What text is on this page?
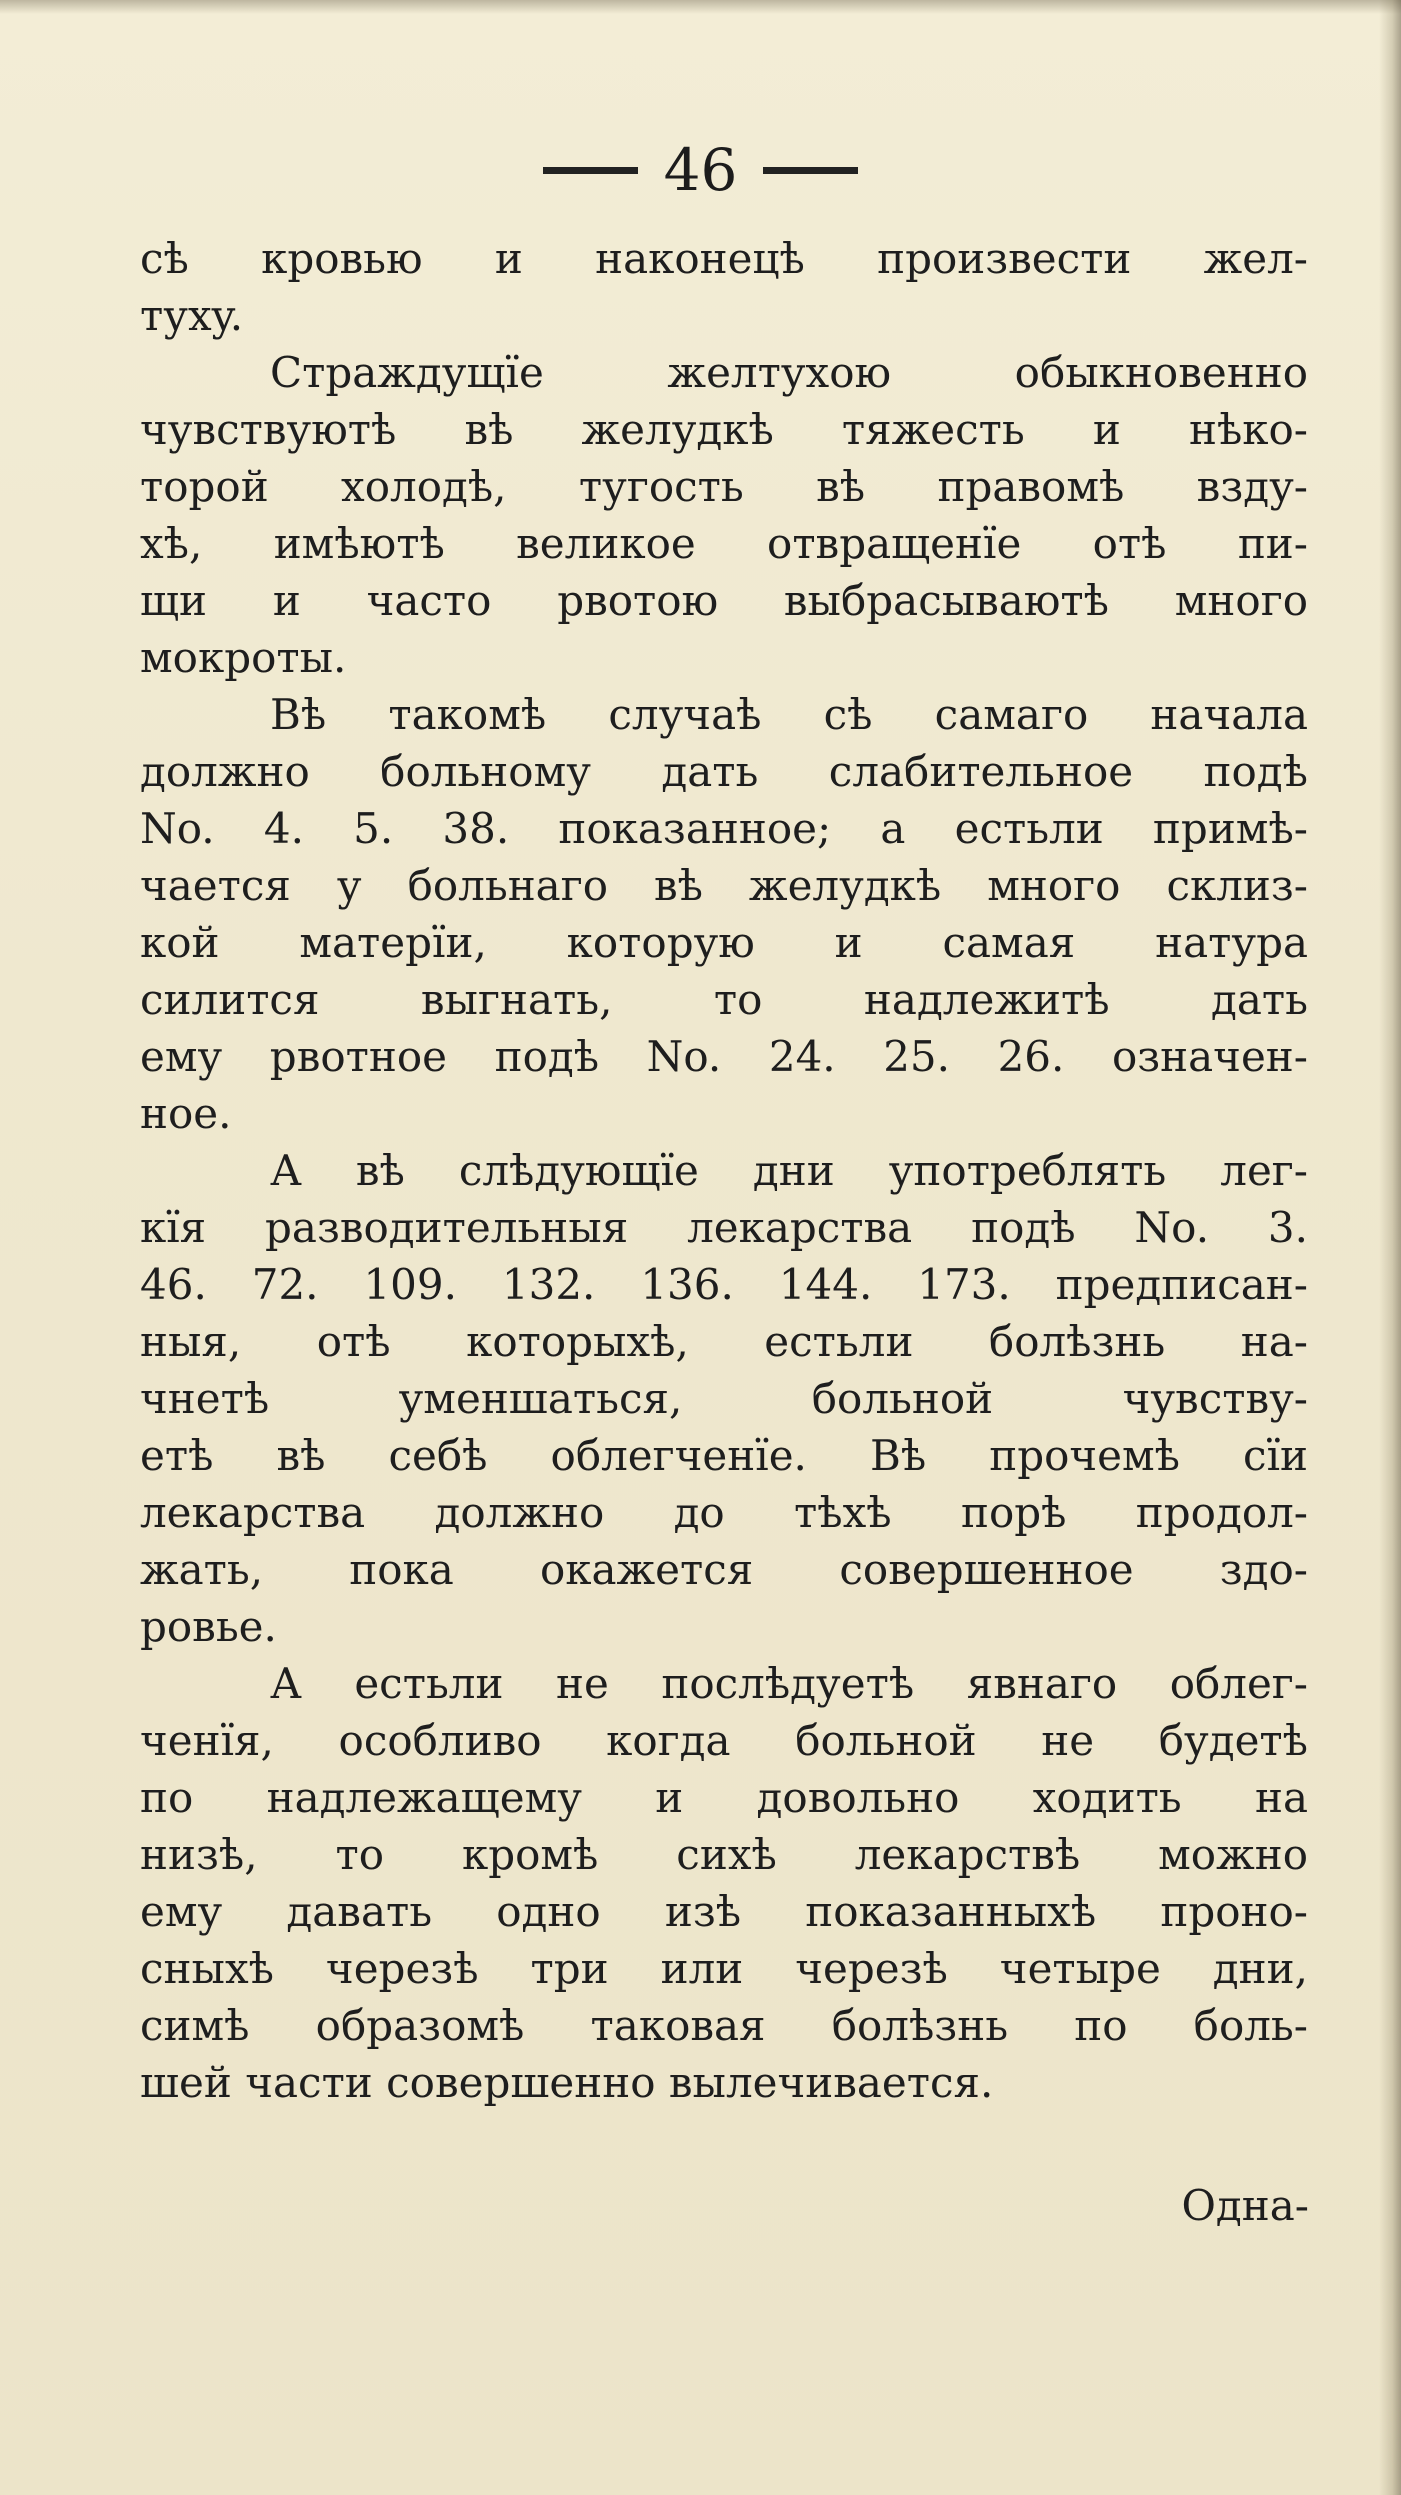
46
сѣ кровью и наконецѣ произвести жел-
тухy.
Страждущїе желтухою обыкновенно
чувствуютѣ вѣ желудкѣ тяжесть и нѣко-
торой холодѣ, тугость вѣ правомѣ взду-
хѣ, имѣютѣ великое отвращенїе отѣ пи-
щи и часто рвотою выбрасываютѣ много
мокроты.
Вѣ такомѣ случаѣ сѣ самаго начала
должно больному дать слабительное подѣ
No. 4. 5. 38. показанное; а естьли примѣ-
чается у больнаго вѣ желудкѣ много склиз-
кой матерїи, которую и самая натура
силится выгнать, то надлежитѣ дать
ему рвотное подѣ No. 24. 25. 26. означен-
ное.
А вѣ слѣдующїе дни употреблять лег-
кїя разводительныя лекарства подѣ No. 3.
46. 72. 109. 132. 136. 144. 173. предписан-
ныя, отѣ которыхѣ, естьли болѣзнь на-
чнетѣ уменшаться, больной чувству-
етѣ вѣ себѣ облегченїе. Вѣ прочемѣ сїи
лекарства должно до тѣхѣ порѣ продол-
жать, пока окажется совершенное здо-
ровье.
А естьли не послѣдуетѣ явнаго облег-
ченїя, особливо когда больной не будетѣ
по надлежащему и довольно ходить на
низѣ, то кромѣ сихѣ лекарствѣ можно
ему давать одно изѣ показанныхѣ проно-
сныхѣ черезѣ три или черезѣ четыре дни,
симѣ образомѣ таковая болѣзнь по боль-
шей части совершенно вылечивается.
Одна-
